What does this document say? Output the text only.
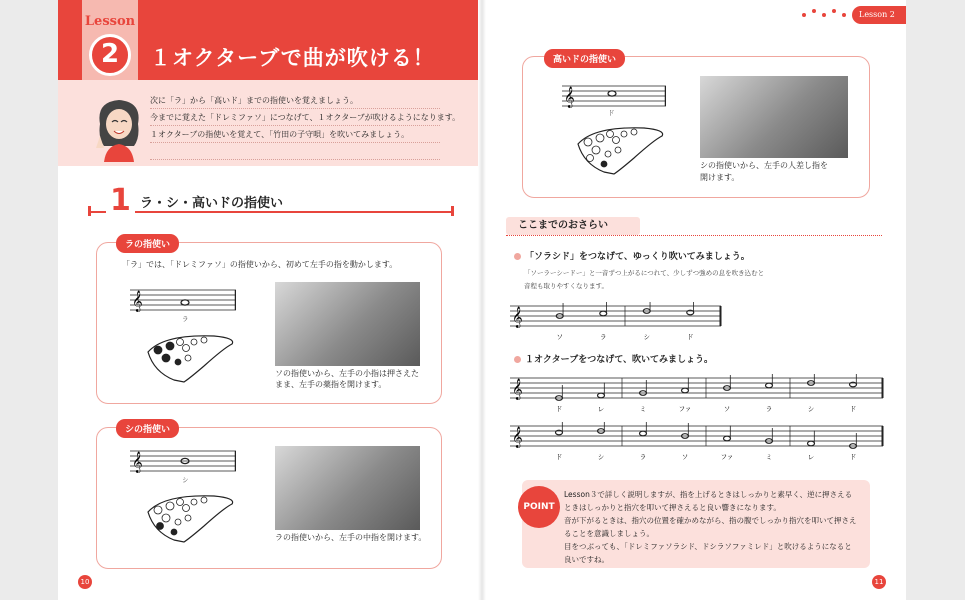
Lesson
2	１オクターブで曲が吹ける！
次に「ラ」から「高いド」までの指使いを覚えましょう。
今までに覚えた「ドレミファソ」につなげて、１オクターブが吹けるようになります。
１オクターブの指使いを覚えて、「竹田の子守唄」を吹いてみましょう。
1 ラ・シ・高いドの指使い
ラの指使い
「ラ」では、「ドレミファソ」の指使いから、初めて左手の指を動かします。
𝄞
ラ
ソの指使いから、左手の小指は押さえた
まま、左手の薬指を開けます。
シの指使い
𝄞
シ
ラの指使いから、左手の中指を開けます。
10
Lesson 2
高いドの指使い
𝄞
ド
シの指使いから、左手の人差し指を
開けます。
ここまでのおさらい
「ソラシド」をつなげて、ゆっくり吹いてみましょう。
「ソーラーシードー」と一音ずつ上がるにつれて、少しずつ強めの息を吹き込むと
音程も取りやすくなります。
𝄞
ソ	ラ	シ	ド
１オクターブをつなげて、吹いてみましょう。
𝄞
ド	レ	ミ	ファ	ソ	ラ	シ	ド
𝄞
ド	シ	ラ	ソ	ファ	ミ	レ	ド
POINT
Lesson３で詳しく説明しますが、指を上げるときはしっかりと素早く、逆に押さえる
ときはしっかりと指穴を叩いて押さえると良い響きになります。
音が下がるときは、指穴の位置を確かめながら、指の腹でしっかり指穴を叩いて押さえ
ることを意識しましょう。
目をつぶっても、「ドレミファソラシド、ドシラソファミレド」と吹けるようになると
良いですね。
11
